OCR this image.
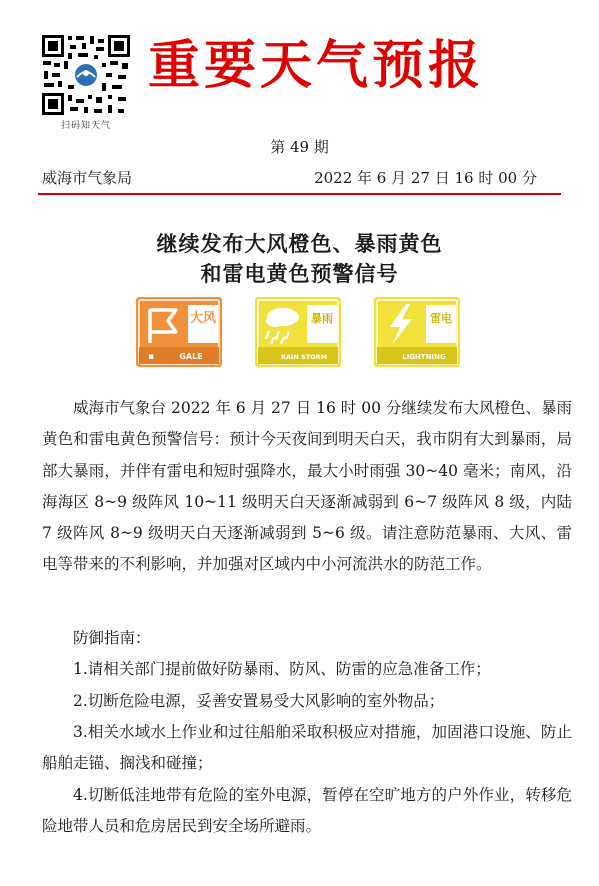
扫码知天气
重要天气预报
第 49 期
威海市气象局	2022 年 6 月 27 日 16 时 00 分
继续发布大风橙色、暴雨黄色
和雷电黄色预警信号
大风
▪	GALE
暴雨
RAIN STORM
雷电
LIGHTNING
威海市气象台 2022 年 6 月 27 日 16 时 00 分继续发布大风橙色、暴雨黄色和雷电黄色预警信号：预计今天夜间到明天白天，我市阴有大到暴雨，局部大暴雨，并伴有雷电和短时强降水，最大小时雨强 30~40 毫米；南风，沿海海区 8~9 级阵风 10~11 级明天白天逐渐减弱到 6~7 级阵风 8 级，内陆 7 级阵风 8~9 级明天白天逐渐减弱到 5~6 级。请注意防范暴雨、大风、雷电等带来的不利影响，并加强对区域内中小河流洪水的防范工作。
防御指南：
1.请相关部门提前做好防暴雨、防风、防雷的应急准备工作；
2.切断危险电源，妥善安置易受大风影响的室外物品；
3.相关水域水上作业和过往船舶采取积极应对措施，加固港口设施、防止船舶走锚、搁浅和碰撞；
4.切断低洼地带有危险的室外电源，暂停在空旷地方的户外作业，转移危险地带人员和危房居民到安全场所避雨。
